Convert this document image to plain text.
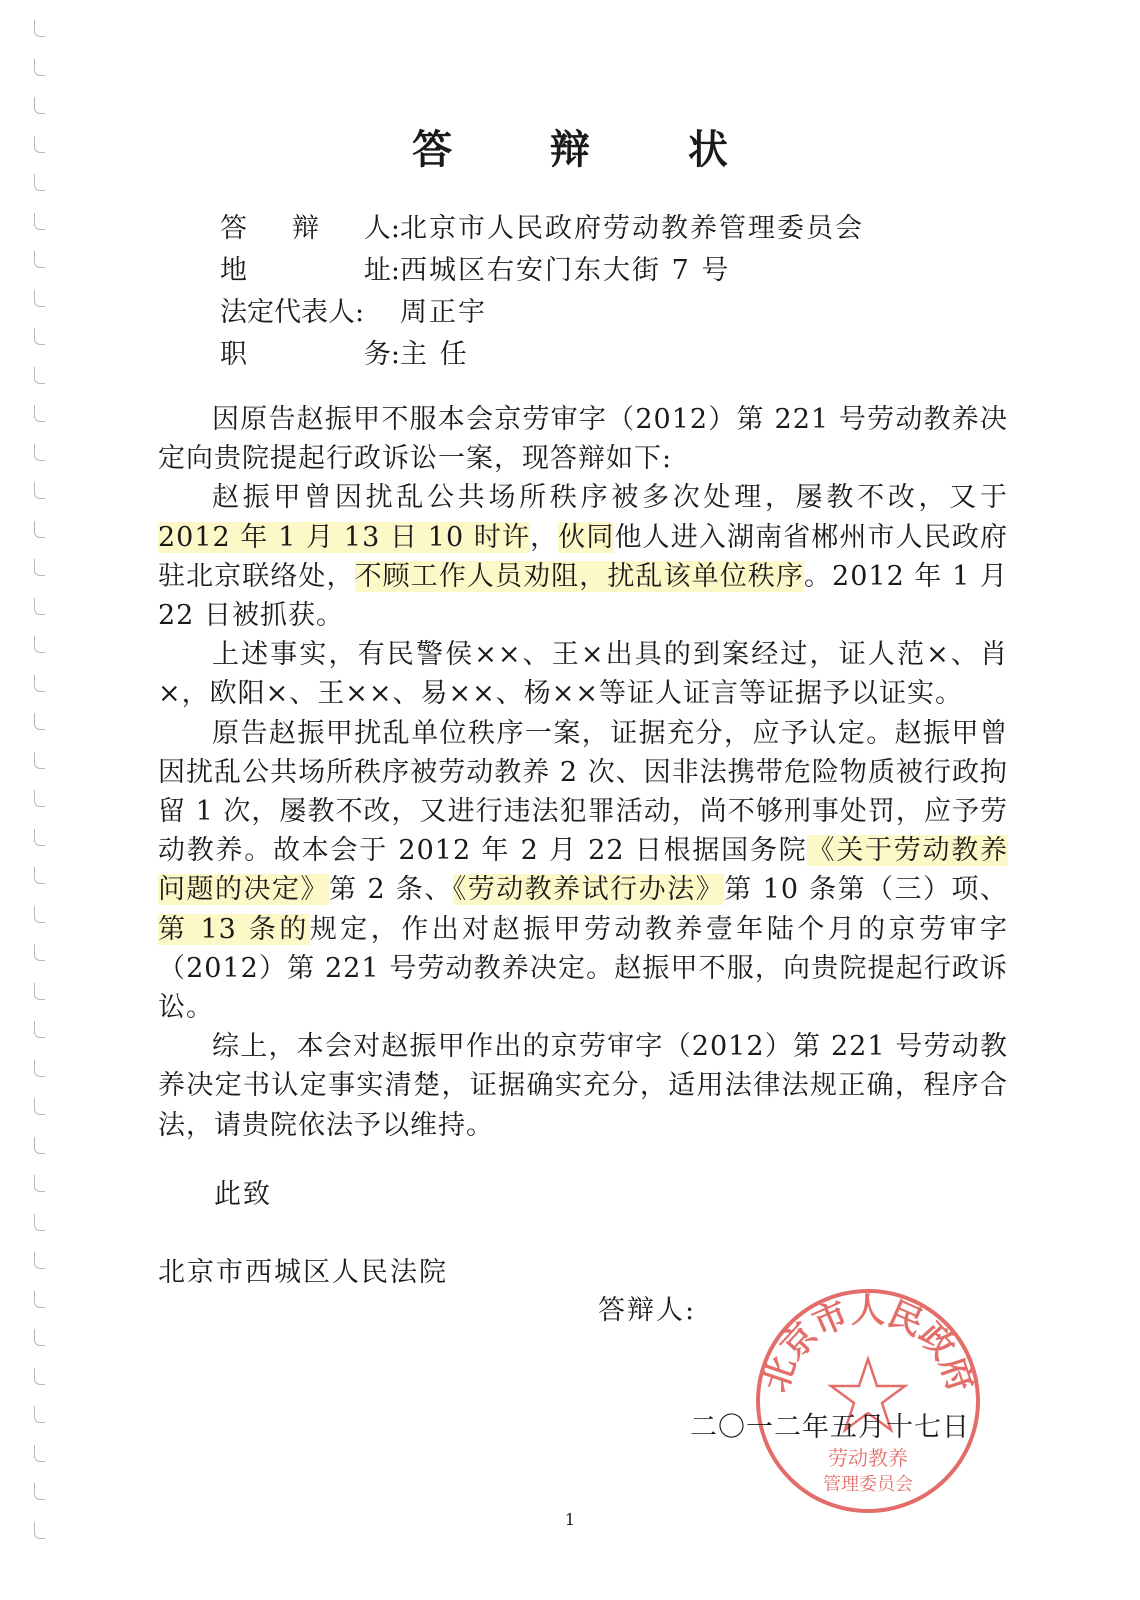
答 辩 状
答 辩 人: 北京市人民政府劳动教养管理委员会
地	址: 西城区右安门东大街 7 号
法定代表人: 周正宇
职	务: 主 任

因原告赵振甲不服本会京劳审字（2012）第 221 号劳动教养决定向贵院提起行政诉讼一案，现答辩如下:

赵振甲曾因扰乱公共场所秩序被多次处理，屡教不改，又于2012 年 1 月 13 日 10 时许，伙同他人进入湖南省郴州市人民政府驻北京联络处，不顾工作人员劝阻，扰乱该单位秩序。2012 年 1 月 22 日被抓获。

上述事实，有民警侯××、王×出具的到案经过，证人范×、肖×，欧阳×、王××、易××、杨××等证人证言等证据予以证实。

原告赵振甲扰乱单位秩序一案，证据充分，应予认定。赵振甲曾因扰乱公共场所秩序被劳动教养 2 次、因非法携带危险物质被行政拘留 1 次，屡教不改，又进行违法犯罪活动，尚不够刑事处罚，应予劳动教养。故本会于 2012 年 2 月 22 日根据国务院《关于劳动教养问题的决定》第 2 条、《劳动教养试行办法》第 10 条第（三）项、第 13 条的规定，作出对赵振甲劳动教养壹年陆个月的京劳审字（2012）第 221 号劳动教养决定。赵振甲不服，向贵院提起行政诉讼。

综上，本会对赵振甲作出的京劳审字（2012）第 221 号劳动教养决定书认定事实清楚，证据确实充分，适用法律法规正确，程序合法，请贵院依法予以维持。

此致
北京市西城区人民法院
答辩人:
北京市人民政府
劳动教养
管理委员会
二〇一二年五月十七日
1
